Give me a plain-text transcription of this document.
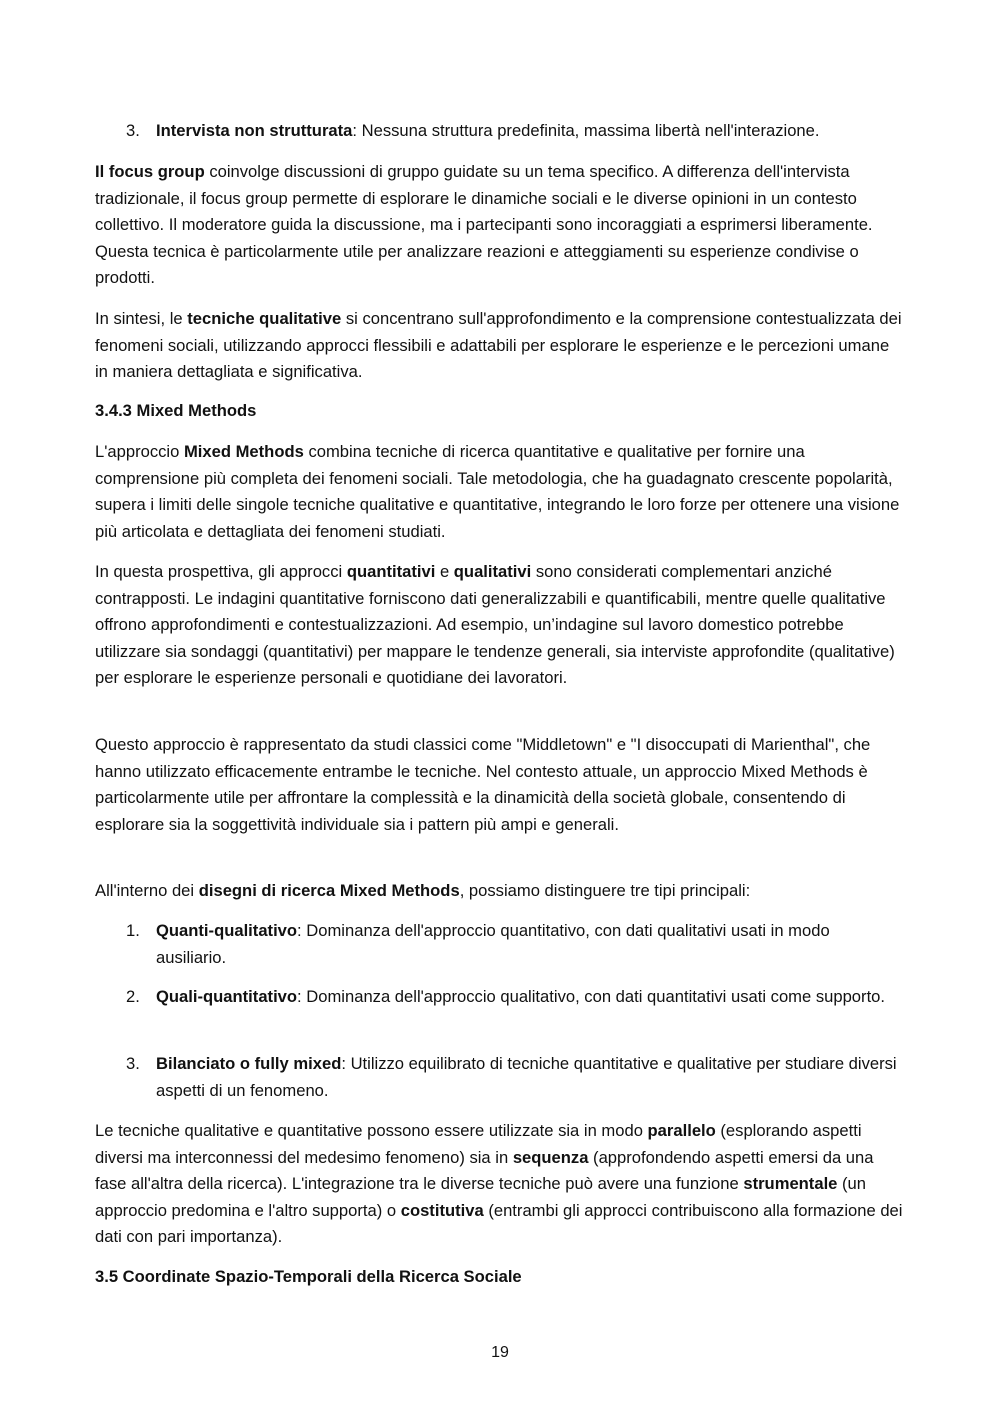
3. Intervista non strutturata: Nessuna struttura predefinita, massima libertà nell'interazione.

Il focus group coinvolge discussioni di gruppo guidate su un tema specifico. A differenza dell'intervista tradizionale, il focus group permette di esplorare le dinamiche sociali e le diverse opinioni in un contesto collettivo. Il moderatore guida la discussione, ma i partecipanti sono incoraggiati a esprimersi liberamente. Questa tecnica è particolarmente utile per analizzare reazioni e atteggiamenti su esperienze condivise o prodotti.

In sintesi, le tecniche qualitative si concentrano sull'approfondimento e la comprensione contestualizzata dei fenomeni sociali, utilizzando approcci flessibili e adattabili per esplorare le esperienze e le percezioni umane in maniera dettagliata e significativa.

3.4.3 Mixed Methods

L'approccio Mixed Methods combina tecniche di ricerca quantitative e qualitative per fornire una comprensione più completa dei fenomeni sociali. Tale metodologia, che ha guadagnato crescente popolarità, supera i limiti delle singole tecniche qualitative e quantitative, integrando le loro forze per ottenere una visione più articolata e dettagliata dei fenomeni studiati.

In questa prospettiva, gli approcci quantitativi e qualitativi sono considerati complementari anziché contrapposti. Le indagini quantitative forniscono dati generalizzabili e quantificabili, mentre quelle qualitative offrono approfondimenti e contestualizzazioni. Ad esempio, un’indagine sul lavoro domestico potrebbe utilizzare sia sondaggi (quantitativi) per mappare le tendenze generali, sia interviste approfondite (qualitative) per esplorare le esperienze personali e quotidiane dei lavoratori.

Questo approccio è rappresentato da studi classici come "Middletown" e "I disoccupati di Marienthal", che hanno utilizzato efficacemente entrambe le tecniche. Nel contesto attuale, un approccio Mixed Methods è particolarmente utile per affrontare la complessità e la dinamicità della società globale, consentendo di esplorare sia la soggettività individuale sia i pattern più ampi e generali.

All'interno dei disegni di ricerca Mixed Methods, possiamo distinguere tre tipi principali:

1. Quanti-qualitativo: Dominanza dell'approccio quantitativo, con dati qualitativi usati in modo ausiliario.
2. Quali-quantitativo: Dominanza dell'approccio qualitativo, con dati quantitativi usati come supporto.
3. Bilanciato o fully mixed: Utilizzo equilibrato di tecniche quantitative e qualitative per studiare diversi aspetti di un fenomeno.

Le tecniche qualitative e quantitative possono essere utilizzate sia in modo parallelo (esplorando aspetti diversi ma interconnessi del medesimo fenomeno) sia in sequenza (approfondendo aspetti emersi da una fase all'altra della ricerca). L'integrazione tra le diverse tecniche può avere una funzione strumentale (un approccio predomina e l'altro supporta) o costitutiva (entrambi gli approcci contribuiscono alla formazione dei dati con pari importanza).

3.5 Coordinate Spazio-Temporali della Ricerca Sociale

19
